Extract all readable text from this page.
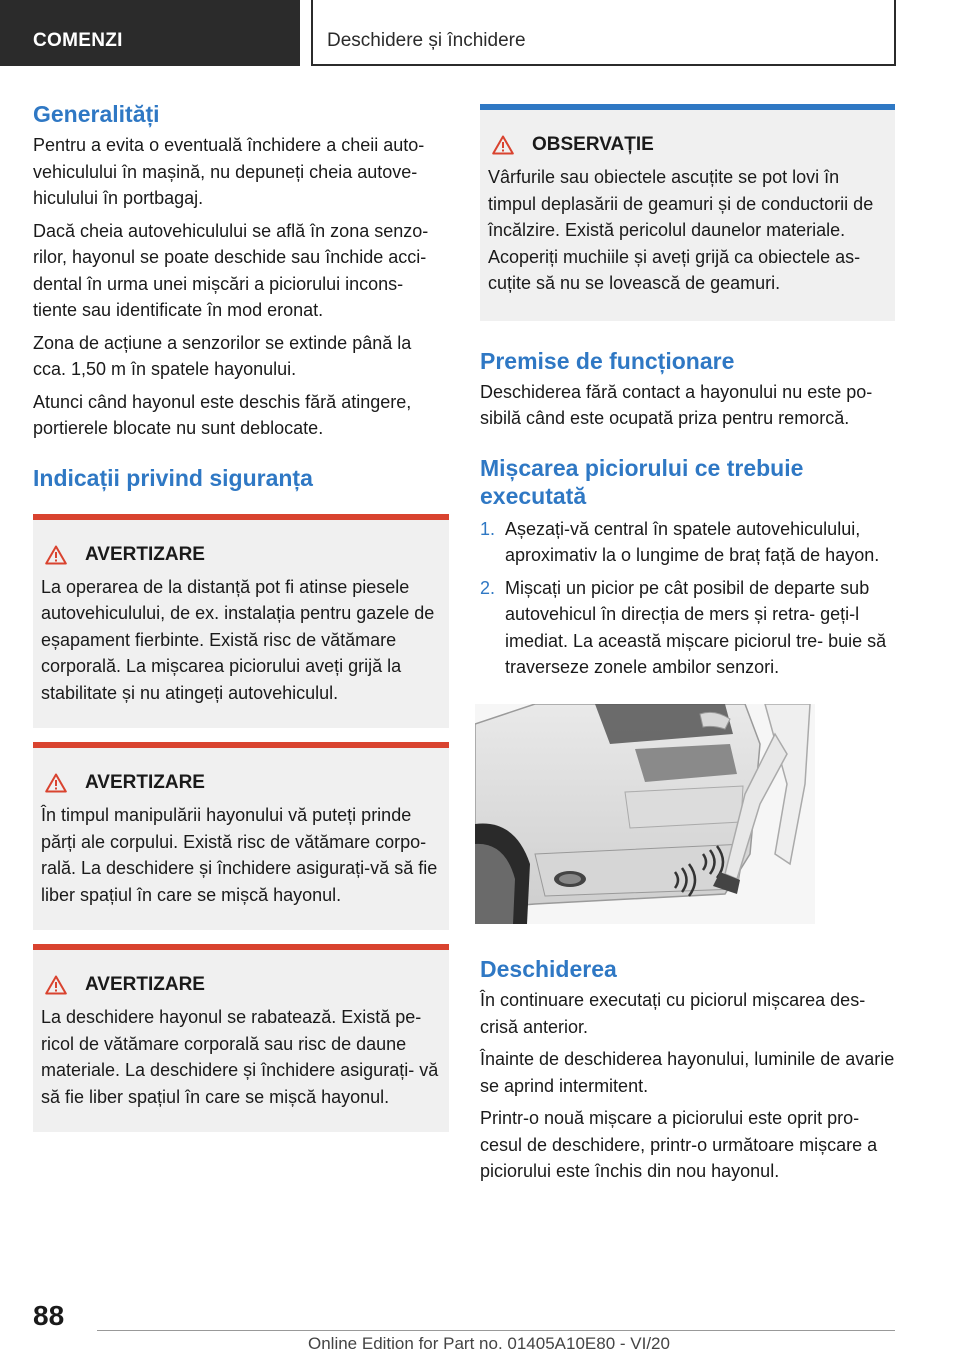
COMENZI	Deschidere și închidere
Generalități

Pentru a evita o eventuală închidere a cheii auto- vehiculului în mașină, nu depuneți cheia autove- hiculului în portbagaj.

Dacă cheia autovehiculului se află în zona senzo- rilor, hayonul se poate deschide sau închide acci- dental în urma unei mișcări a piciorului incons- tiente sau identificate în mod eronat.

Zona de acțiune a senzorilor se extinde până la cca. 1,50 m în spatele hayonului.

Atunci când hayonul este deschis fără atingere, portierele blocate nu sunt deblocate.

Indicații privind siguranța
AVERTIZARE

La operarea de la distanță pot fi atinse piesele autovehiculului, de ex. instalația pentru gazele de eșapament fierbinte. Există risc de vătămare corporală. La mișcarea piciorului aveți grijă la stabilitate și nu atingeți autovehiculul.

AVERTIZARE

În timpul manipulării hayonului vă puteți prinde părți ale corpului. Există risc de vătămare corpo- rală. La deschidere și închidere asigurați-vă să fie liber spațiul în care se mișcă hayonul.

AVERTIZARE

La deschidere hayonul se rabatează. Există pe- ricol de vătămare corporală sau risc de daune materiale. La deschidere și închidere asigurați- vă să fie liber spațiul în care se mișcă hayonul.

OBSERVAȚIE

Vârfurile sau obiectele ascuțite se pot lovi în timpul deplasării de geamuri și de conductorii de încălzire. Există pericolul daunelor materiale. Acoperiți muchiile și aveți grijă ca obiectele as- cuțite să nu se lovească de geamuri.

Premise de funcționare

Deschiderea fără contact a hayonului nu este po- sibilă când este ocupată priza pentru remorcă.

Mișcarea piciorului ce trebuie executată
1. Așezați-vă central în spatele autovehiculului, aproximativ la o lungime de braț față de hayon.
2. Mișcați un picior pe cât posibil de departe sub autovehicul în direcția de mers și retra- geți-l imediat. La această mișcare piciorul tre- buie să traverseze zonele ambilor senzori.
Deschiderea

În continuare executați cu piciorul mișcarea des- crisă anterior.

Înainte de deschiderea hayonului, luminile de avarie se aprind intermitent.

Printr-o nouă mișcare a piciorului este oprit pro- cesul de deschidere, printr-o următoare mișcare a piciorului este închis din nou hayonul.

88
Online Edition for Part no. 01405A10E80 - VI/20
